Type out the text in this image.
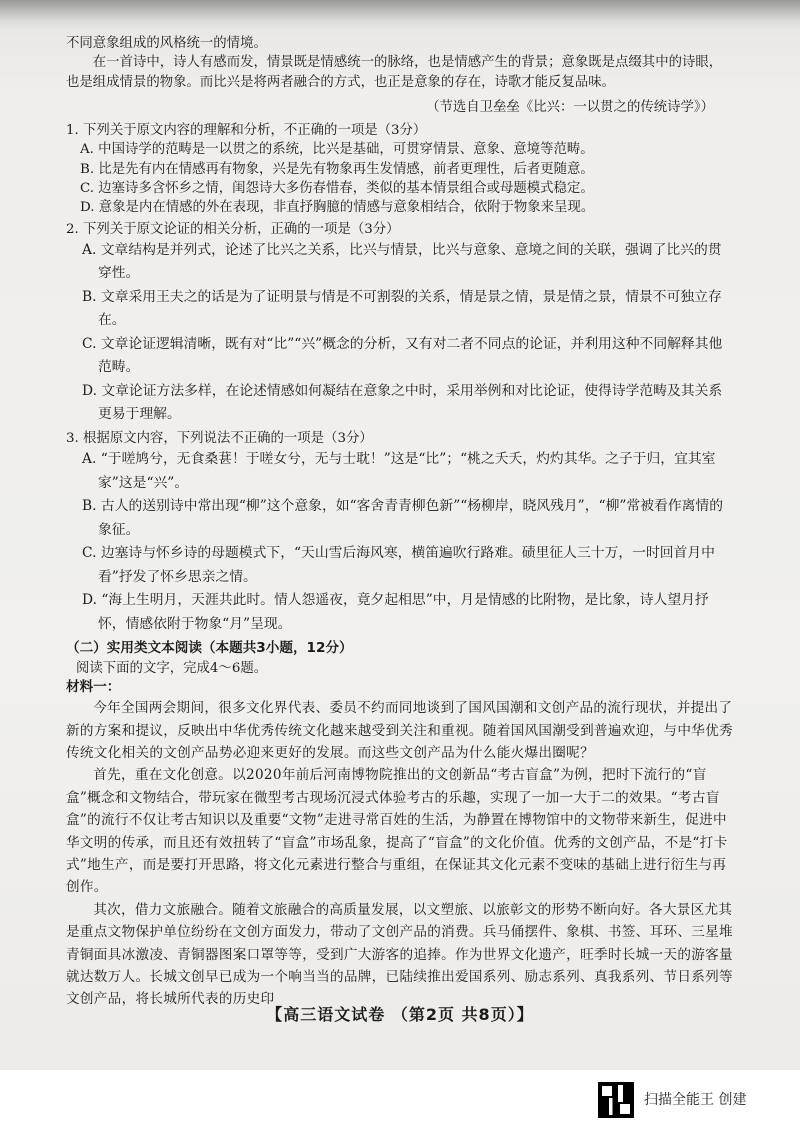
不同意象组成的风格统一的情境。

在一首诗中，诗人有感而发，情景既是情感统一的脉络，也是情感产生的背景；意象既是点缀其中的诗眼，也是组成情景的物象。而比兴是将两者融合的方式，也正是意象的存在，诗歌才能反复品味。

（节选自卫垒垒《比兴：一以贯之的传统诗学》）

1. 下列关于原文内容的理解和分析，不正确的一项是（3分）

A. 中国诗学的范畴是一以贯之的系统，比兴是基础，可贯穿情景、意象、意境等范畴。

B. 比是先有内在情感再有物象，兴是先有物象再生发情感，前者更理性，后者更随意。

C. 边塞诗多含怀乡之情，闺怨诗大多伤春惜春，类似的基本情景组合或母题模式稳定。

D. 意象是内在情感的外在表现，非直抒胸臆的情感与意象相结合，依附于物象来呈现。

2. 下列关于原文论证的相关分析，正确的一项是（3分）

A. 文章结构是并列式，论述了比兴之关系，比兴与情景，比兴与意象、意境之间的关联，强调了比兴的贯穿性。

B. 文章采用王夫之的话是为了证明景与情是不可割裂的关系，情是景之情，景是情之景，情景不可独立存在。

C. 文章论证逻辑清晰，既有对“比”“兴”概念的分析，又有对二者不同点的论证，并利用这种不同解释其他范畴。

D. 文章论证方法多样，在论述情感如何凝结在意象之中时，采用举例和对比论证，使得诗学范畴及其关系更易于理解。

3. 根据原文内容，下列说法不正确的一项是（3分）

A. “于嗟鸠兮，无食桑葚！于嗟女兮，无与士耽！”这是“比”；“桃之夭夭，灼灼其华。之子于归，宜其室家”这是“兴”。

B. 古人的送别诗中常出现“柳”这个意象，如“客舍青青柳色新”“杨柳岸，晓风残月”，“柳”常被看作离情的象征。

C. 边塞诗与怀乡诗的母题模式下，“天山雪后海风寒，横笛遍吹行路难。碛里征人三十万，一时回首月中看”抒发了怀乡思亲之情。

D. “海上生明月，天涯共此时。情人怨遥夜，竟夕起相思”中，月是情感的比附物，是比象，诗人望月抒怀，情感依附于物象“月”呈现。

（二）实用类文本阅读（本题共3小题，12分）

阅读下面的文字，完成4～6题。

材料一：

今年全国两会期间，很多文化界代表、委员不约而同地谈到了国风国潮和文创产品的流行现状，并提出了新的方案和提议，反映出中华优秀传统文化越来越受到关注和重视。随着国风国潮受到普遍欢迎，与中华优秀传统文化相关的文创产品势必迎来更好的发展。而这些文创产品为什么能火爆出圈呢？

首先，重在文化创意。以2020年前后河南博物院推出的文创新品“考古盲盒”为例，把时下流行的“盲盒”概念和文物结合，带玩家在微型考古现场沉浸式体验考古的乐趣，实现了一加一大于二的效果。“考古盲盒”的流行不仅让考古知识以及重要“文物”走进寻常百姓的生活，为静置在博物馆中的文物带来新生，促进中华文明的传承，而且还有效扭转了“盲盒”市场乱象，提高了“盲盒”的文化价值。优秀的文创产品，不是“打卡式”地生产，而是要打开思路，将文化元素进行整合与重组，在保证其文化元素不变味的基础上进行衍生与再创作。

其次，借力文旅融合。随着文旅融合的高质量发展，以文塑旅、以旅彰文的形势不断向好。各大景区尤其是重点文物保护单位纷纷在文创方面发力，带动了文创产品的消费。兵马俑摆件、象棋、书签、耳环、三星堆青铜面具冰激凌、青铜器图案口罩等等，受到广大游客的追捧。作为世界文化遗产，旺季时长城一天的游客量就达数万人。长城文创早已成为一个响当当的品牌，已陆续推出爱国系列、励志系列、真我系列、节日系列等文创产品，将长城所代表的历史印

【高三语文试卷 （第2页 共8页）】
扫描全能王 创建
